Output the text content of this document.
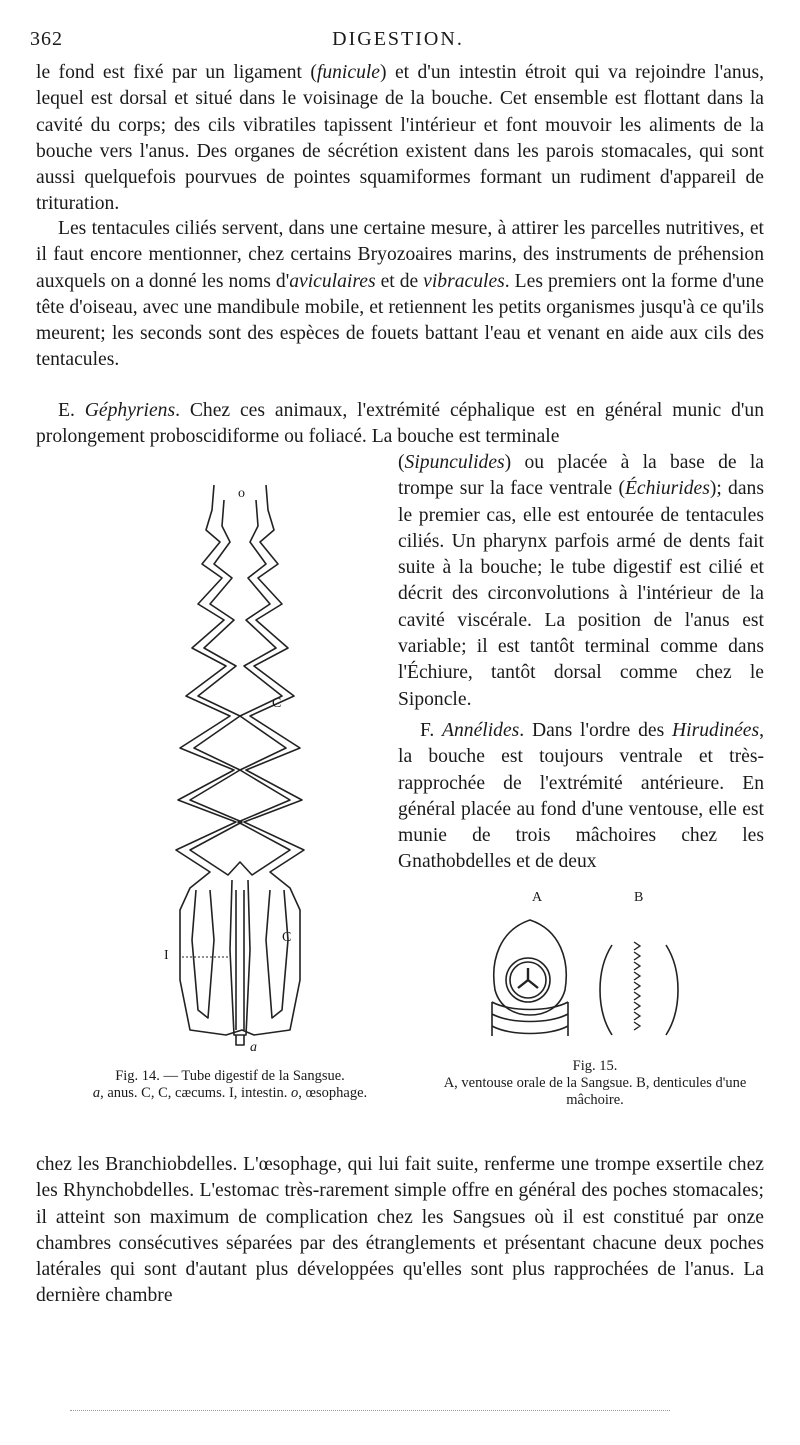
362	DIGESTION.

le fond est fixé par un ligament (funicule) et d'un intestin étroit qui va rejoindre l'anus, lequel est dorsal et situé dans le voisinage de la bouche. Cet ensemble est flottant dans la cavité du corps; des cils vibratiles tapissent l'intérieur et font mouvoir les aliments de la bouche vers l'anus. Des organes de sécrétion existent dans les parois stomacales, qui sont aussi quelquefois pourvues de pointes squamiformes formant un rudiment d'appareil de trituration.

Les tentacules ciliés servent, dans une certaine mesure, à attirer les parcelles nutritives, et il faut encore mentionner, chez certains Bryozoaires marins, des instruments de préhension auxquels on a donné les noms d'aviculaires et de vibracules. Les premiers ont la forme d'une tête d'oiseau, avec une mandibule mobile, et retiennent les petits organismes jusqu'à ce qu'ils meurent; les seconds sont des espèces de fouets battant l'eau et venant en aide aux cils des tentacules.

E. Géphyriens. Chez ces animaux, l'extrémité céphalique est en général munic d'un prolongement proboscidiforme ou foliacé. La bouche est terminale

(Sipunculides) ou placée à la base de la trompe sur la face ventrale (Échiurides); dans le premier cas, elle est entourée de tentacules ciliés. Un pharynx parfois armé de dents fait suite à la bouche; le tube digestif est cilié et décrit des circonvolutions à l'intérieur de la cavité viscérale. La position de l'anus est variable; il est tantôt terminal comme dans l'Échiure, tantôt dorsal comme chez le Siponcle.

F. Annélides. Dans l'ordre des Hirudinées, la bouche est toujours ventrale et très-rapprochée de l'extrémité antérieure. En général placée au fond d'une ventouse, elle est munie de trois mâchoires chez les Gnathobdelles et de deux

o
C
I
C
a
A	B
Fig. 14. — Tube digestif de la Sangsue.
a, anus. C, C, cæcums. I, intestin. o, œsophage.
Fig. 15.
A, ventouse orale de la Sangsue. B, denticules d'une mâchoire.

chez les Branchiobdelles. L'œsophage, qui lui fait suite, renferme une trompe exsertile chez les Rhynchobdelles. L'estomac très-rarement simple offre en général des poches stomacales; il atteint son maximum de complication chez les Sangsues où il est constitué par onze chambres consécutives séparées par des étranglements et présentant chacune deux poches latérales qui sont d'autant plus développées qu'elles sont plus rapprochées de l'anus. La dernière chambre
